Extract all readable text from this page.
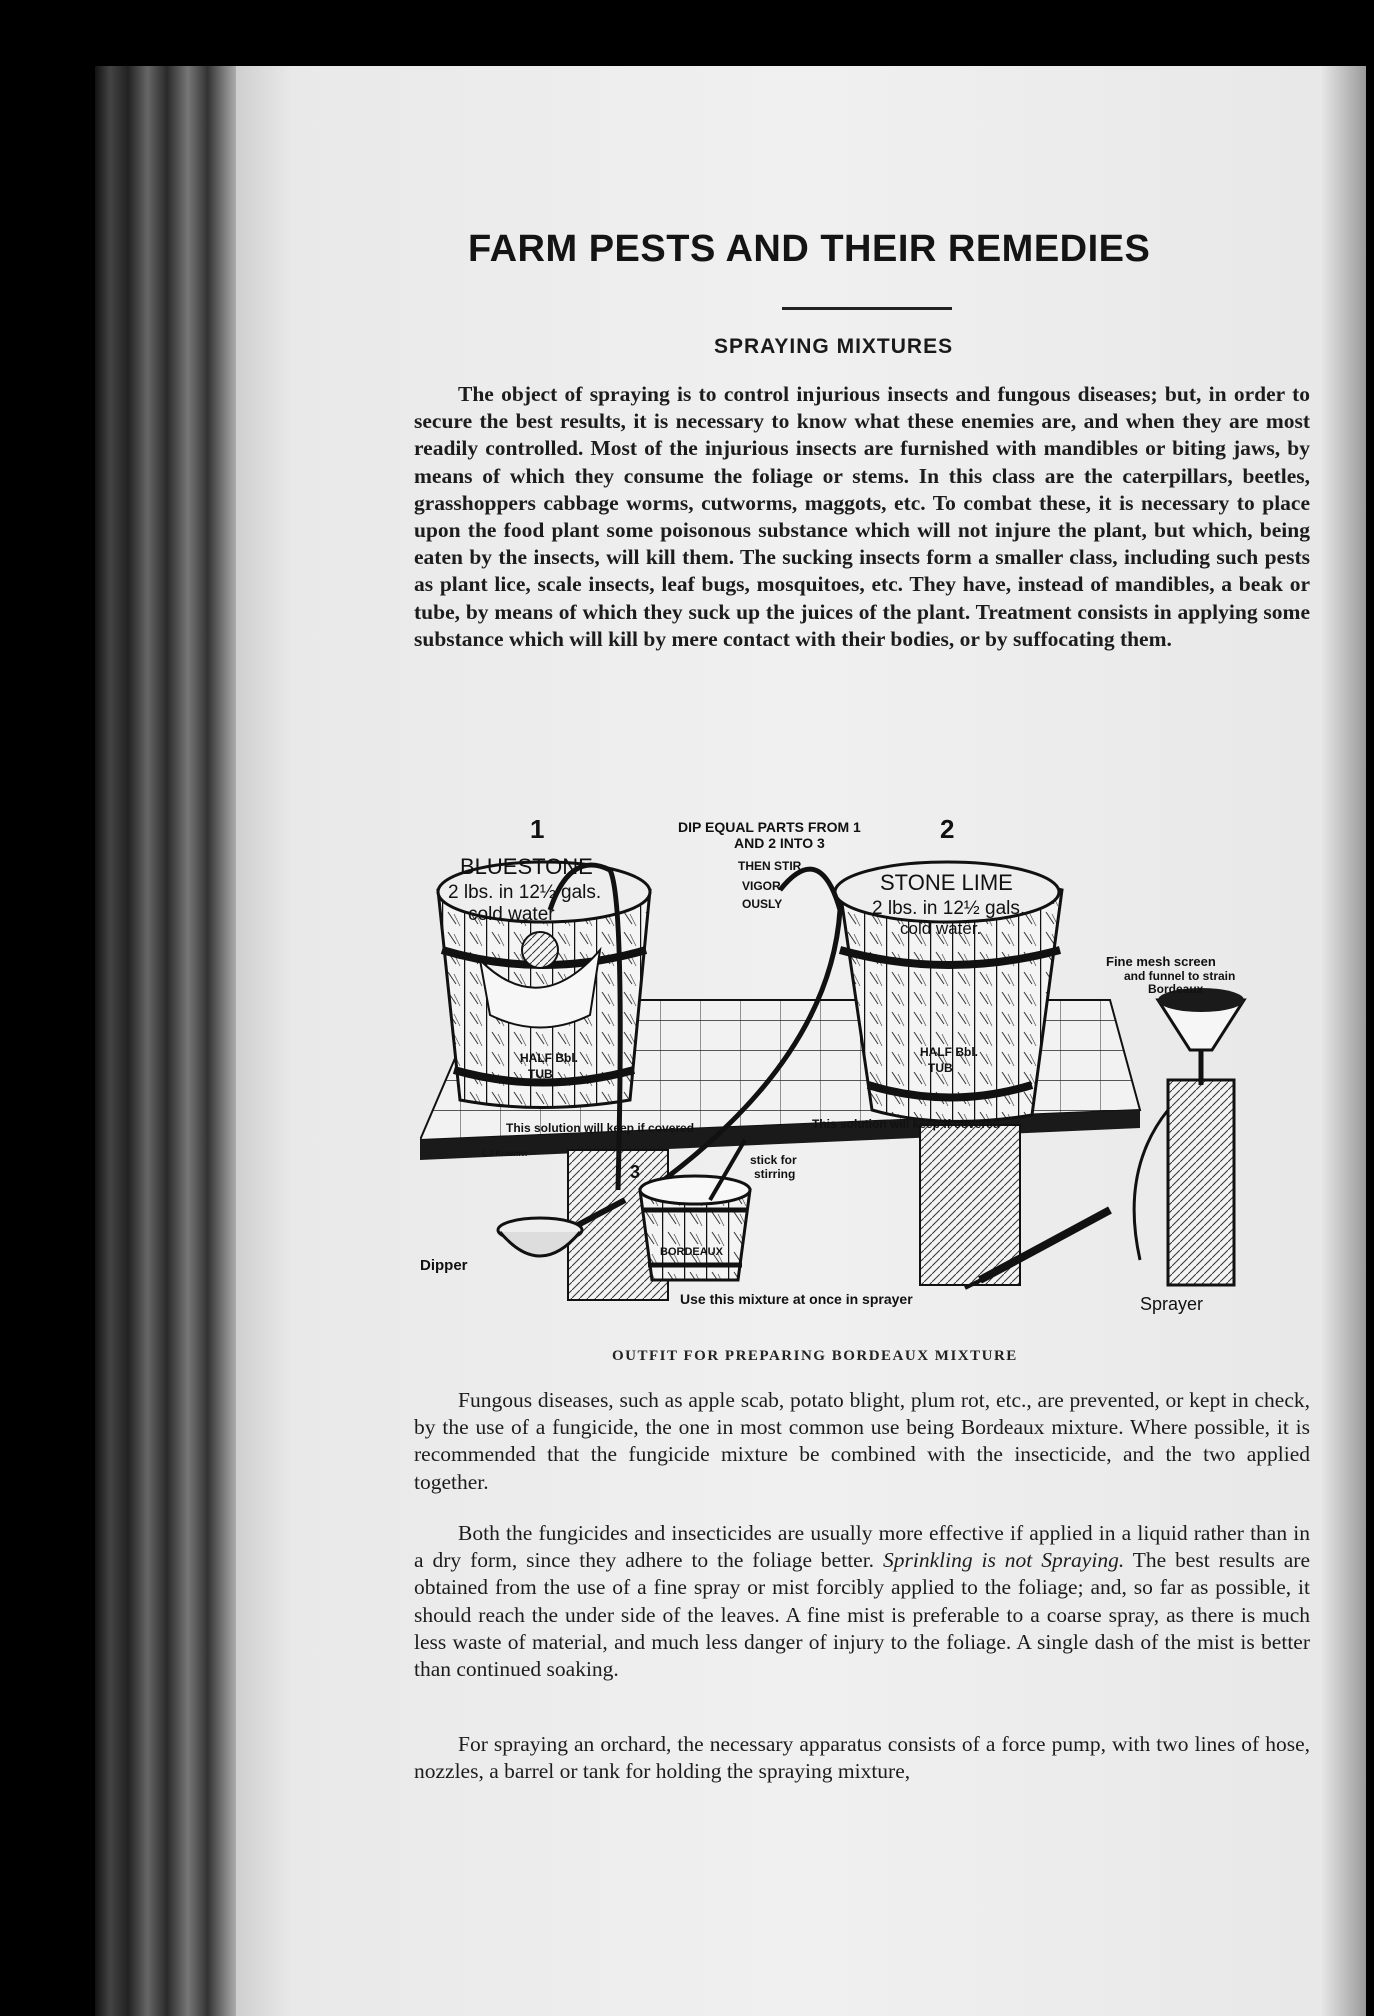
FARM PESTS AND THEIR REMEDIES
SPRAYING MIXTURES
The object of spraying is to control injurious insects and fungous diseases; but, in order to secure the best results, it is necessary to know what these enemies are, and when they are most readily controlled. Most of the injurious insects are furnished with mandibles or biting jaws, by means of which they consume the foliage or stems. In this class are the caterpillars, beetles, grasshoppers cabbage worms, cutworms, maggots, etc. To combat these, it is necessary to place upon the food plant some poisonous substance which will not injure the plant, but which, being eaten by the insects, will kill them. The sucking insects form a smaller class, including such pests as plant lice, scale insects, leaf bugs, mosquitoes, etc. They have, instead of mandibles, a beak or tube, by means of which they suck up the juices of the plant. Treatment consists in applying some substance which will kill by mere contact with their bodies, or by suffocating them.
1	2
3
DIP EQUAL PARTS FROM 1
AND 2 INTO 3
THEN STIR
VIGOR-
OUSLY
BLUESTONE
2 lbs. in 12½ gals.
cold water
STONE LIME
2 lbs. in 12½ gals.
cold water.
HALF Bbl.
TUB
HALF Bbl.
TUB
This solution will keep if covered	This solution will keep if covered
L J Kraemer
Fine mesh screen
and funnel to strain
Bordeaux
stick for
stirring
BORDEAUX
Dipper
Use this mixture at once in sprayer	Sprayer
OUTFIT FOR PREPARING BORDEAUX MIXTURE
Fungous diseases, such as apple scab, potato blight, plum rot, etc., are prevented, or kept in check, by the use of a fungicide, the one in most common use being Bordeaux mixture. Where possible, it is recommended that the fungicide mixture be combined with the insecticide, and the two applied together.
Both the fungicides and insecticides are usually more effective if applied in a liquid rather than in a dry form, since they adhere to the foliage better. Sprinkling is not Spraying. The best results are obtained from the use of a fine spray or mist forcibly applied to the foliage; and, so far as possible, it should reach the under side of the leaves. A fine mist is preferable to a coarse spray, as there is much less waste of material, and much less danger of injury to the foliage. A single dash of the mist is better than continued soaking.
For spraying an orchard, the necessary apparatus consists of a force pump, with two lines of hose, nozzles, a barrel or tank for holding the spraying mixture,
